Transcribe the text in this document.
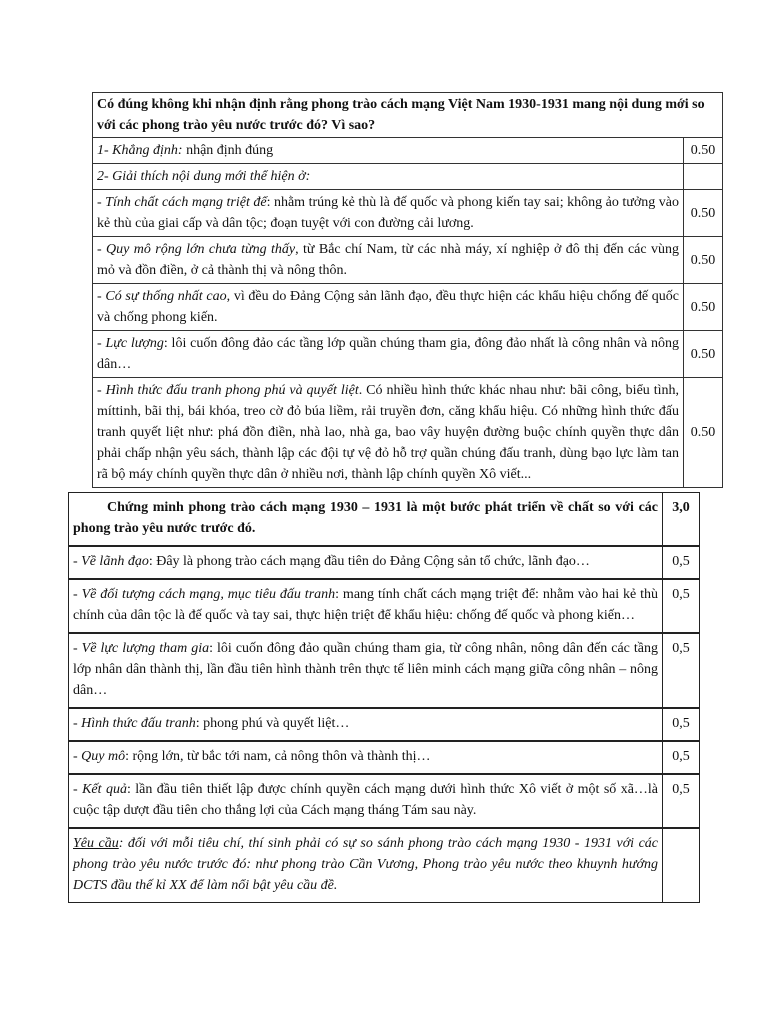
Có đúng không khi nhận định rằng phong trào cách mạng Việt Nam 1930-1931 mang nội dung mới so với các phong trào yêu nước trước đó? Vì sao?	
1- Khẳng định: nhận định đúng	0.50
2- Giải thích nội dung mới thể hiện ở:	
- Tính chất cách mạng triệt để: nhằm trúng kẻ thù là đế quốc và phong kiến tay sai; không ảo tưởng vào kẻ thù của giai cấp và dân tộc; đoạn tuyệt với con đường cải lương.	0.50
- Quy mô rộng lớn chưa từng thấy, từ Bắc chí Nam, từ các nhà máy, xí nghiệp ở đô thị đến các vùng mỏ và đồn điền, ở cả thành thị và nông thôn.	0.50
- Có sự thống nhất cao, vì đều do Đảng Cộng sản lãnh đạo, đều thực hiện các khẩu hiệu chống đế quốc và chống phong kiến.	0.50
- Lực lượng: lôi cuốn đông đảo các tầng lớp quần chúng tham gia, đông đảo nhất là công nhân và nông dân…	0.50
- Hình thức đấu tranh phong phú và quyết liệt. Có nhiều hình thức khác nhau như: bãi công, biểu tình, míttinh, bãi thị, bái khóa, treo cờ đỏ búa liềm, rải truyền đơn, căng khẩu hiệu. Có những hình thức đấu tranh quyết liệt như: phá đồn điền, nhà lao, nhà ga, bao vây huyện đường buộc chính quyền thực dân phải chấp nhận yêu sách, thành lập các đội tự vệ đỏ hỗ trợ quần chúng đấu tranh, dùng bạo lực làm tan rã bộ máy chính quyền thực dân ở nhiều nơi, thành lập chính quyền Xô viết...	0.50
Chứng minh phong trào cách mạng 1930 – 1931 là một bước phát triển về chất so với các phong trào yêu nước trước đó.	3,0
- Về lãnh đạo: Đây là phong trào cách mạng đầu tiên do Đảng Cộng sản tổ chức, lãnh đạo…	0,5
- Về đối tượng cách mạng, mục tiêu đấu tranh: mang tính chất cách mạng triệt để: nhằm vào hai kẻ thù chính của dân tộc là đế quốc và tay sai, thực hiện triệt để khẩu hiệu: chống đế quốc và phong kiến…	0,5
- Về lực lượng tham gia: lôi cuốn đông đảo quần chúng tham gia, từ công nhân, nông dân đến các tầng lớp nhân dân thành thị, lần đầu tiên hình thành trên thực tế liên minh cách mạng giữa công nhân – nông dân…	0,5
- Hình thức đấu tranh: phong phú và quyết liệt…	0,5
- Quy mô: rộng lớn, từ bắc tới nam, cả nông thôn và thành thị…	0,5
- Kết quả: lần đầu tiên thiết lập được chính quyền cách mạng dưới hình thức Xô viết ở một số xã…là cuộc tập dượt đầu tiên cho thắng lợi của Cách mạng tháng Tám sau này.	0,5
Yêu cầu: đối với mỗi tiêu chí, thí sinh phải có sự so sánh phong trào cách mạng 1930 - 1931 với các phong trào yêu nước trước đó: như phong trào Cần Vương, Phong trào yêu nước theo khuynh hướng DCTS đầu thế kỉ XX để làm nổi bật yêu cầu đề.	
